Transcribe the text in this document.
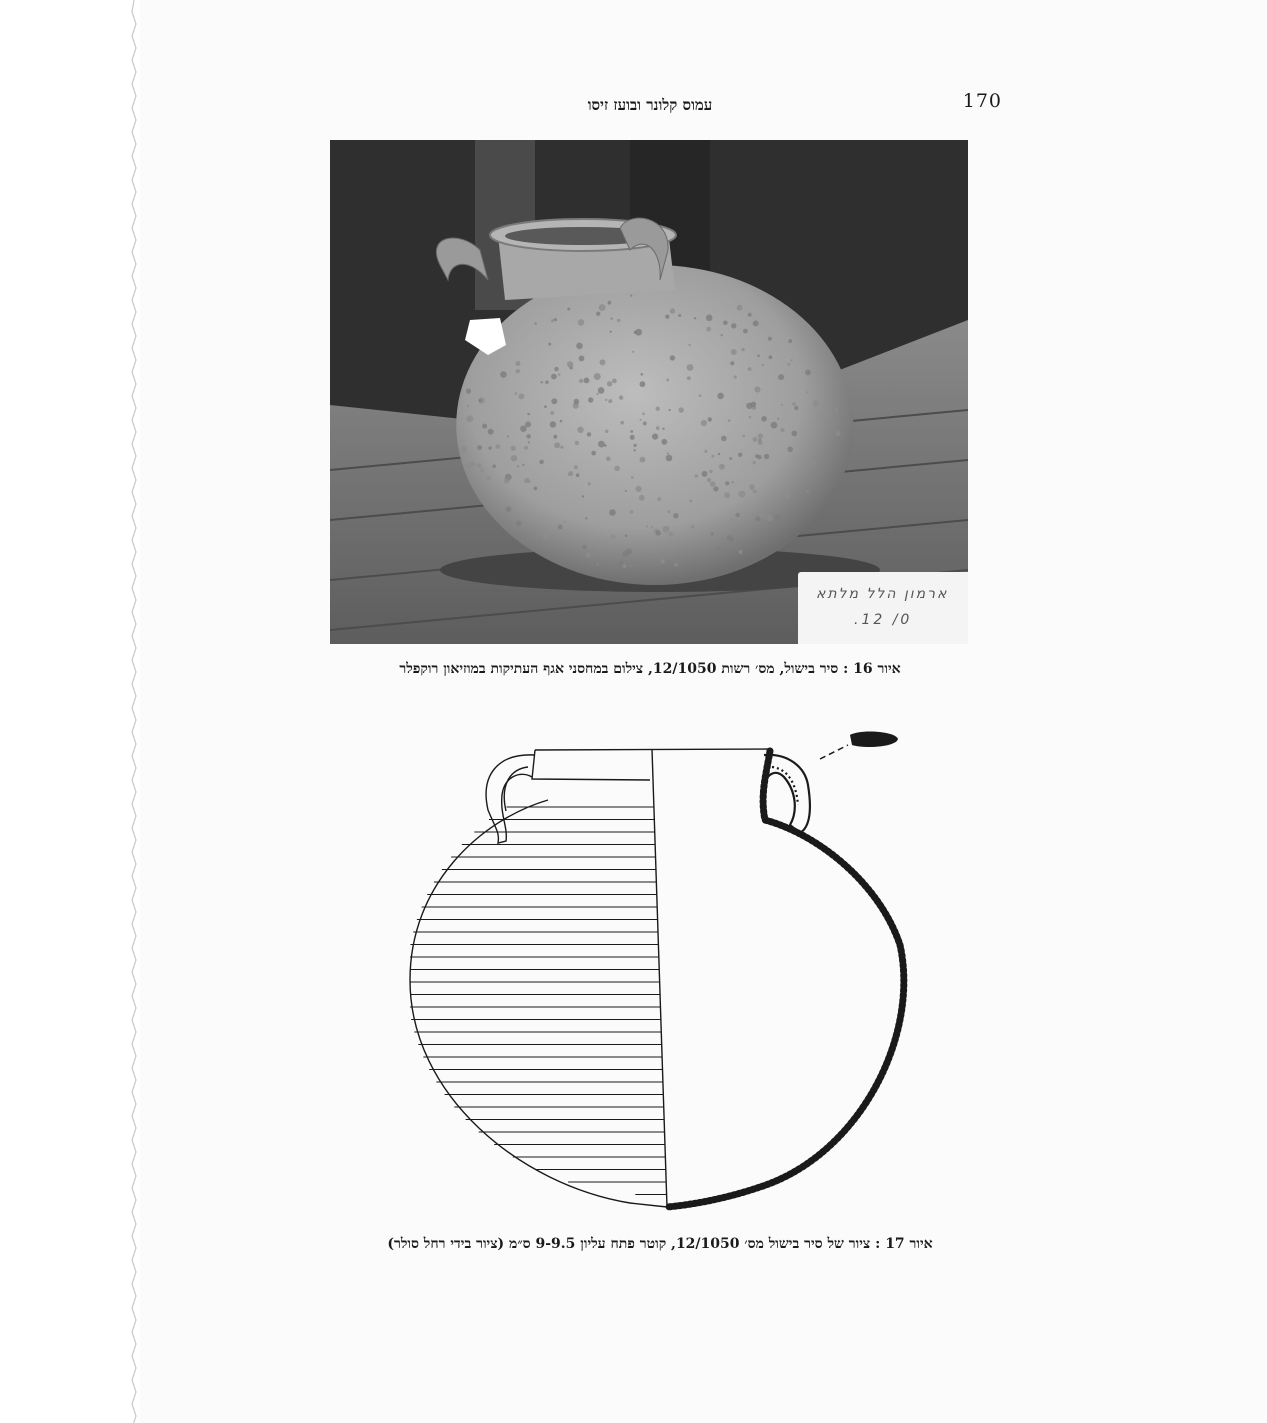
עמוס קלונר ובועז זיסו	170
ארמון הלל מלתא
.12 /0
איור 16 : סיר בישול, מס׳ רשות 12/1050, צילום במחסני אגף העתיקות במוזיאון רוקפלר
איור 17 : ציור של סיר בישול מס׳ 12/1050, קוטר פתח עליון 9-9.5 ס״מ (ציור בידי רחל סולר)
